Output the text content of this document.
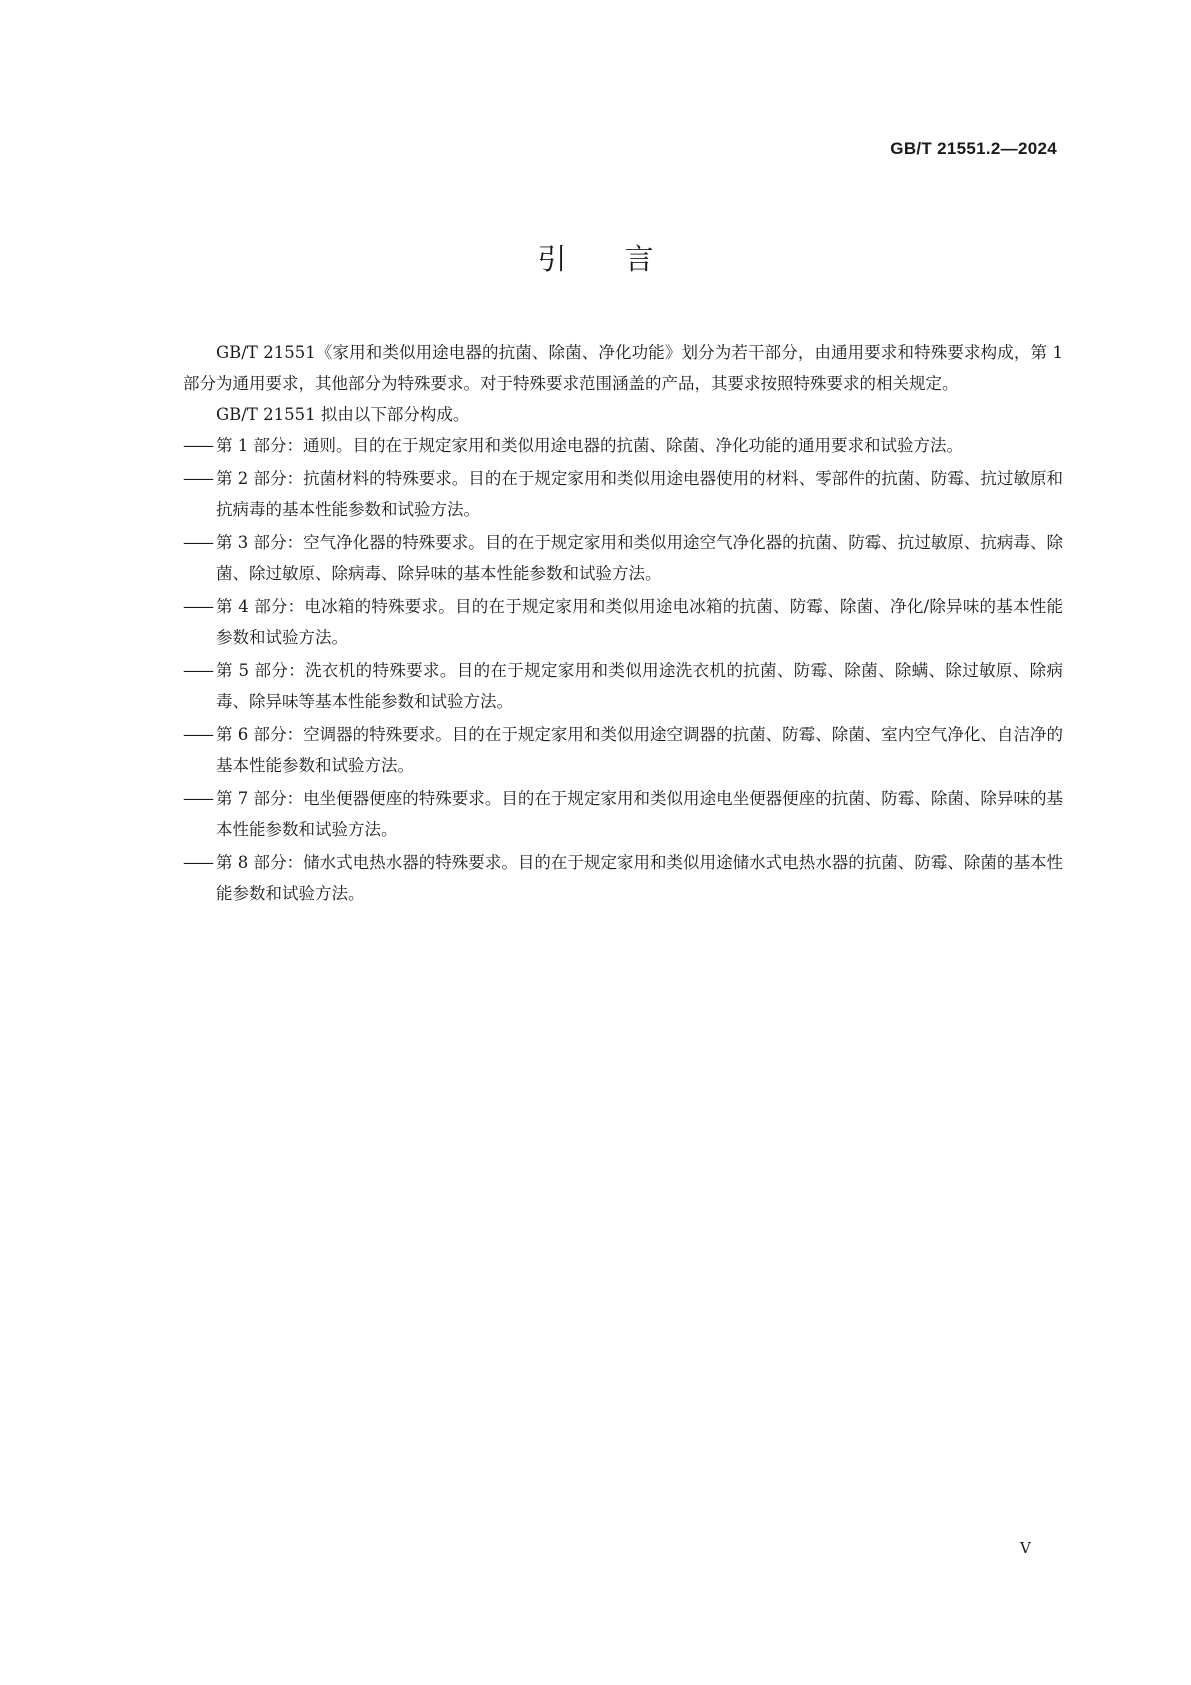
GB/T 21551.2—2024
引言

GB/T 21551《家用和类似用途电器的抗菌、除菌、净化功能》划分为若干部分，由通用要求和特殊要求构成，第 1 部分为通用要求，其他部分为特殊要求。对于特殊要求范围涵盖的产品，其要求按照特殊要求的相关规定。

GB/T 21551 拟由以下部分构成。

—— 第 1 部分：通则。目的在于规定家用和类似用途电器的抗菌、除菌、净化功能的通用要求和试验方法。
—— 第 2 部分：抗菌材料的特殊要求。目的在于规定家用和类似用途电器使用的材料、零部件的抗菌、防霉、抗过敏原和抗病毒的基本性能参数和试验方法。
—— 第 3 部分：空气净化器的特殊要求。目的在于规定家用和类似用途空气净化器的抗菌、防霉、抗过敏原、抗病毒、除菌、除过敏原、除病毒、除异味的基本性能参数和试验方法。
—— 第 4 部分：电冰箱的特殊要求。目的在于规定家用和类似用途电冰箱的抗菌、防霉、除菌、净化/除异味的基本性能参数和试验方法。
—— 第 5 部分：洗衣机的特殊要求。目的在于规定家用和类似用途洗衣机的抗菌、防霉、除菌、除螨、除过敏原、除病毒、除异味等基本性能参数和试验方法。
—— 第 6 部分：空调器的特殊要求。目的在于规定家用和类似用途空调器的抗菌、防霉、除菌、室内空气净化、自洁净的基本性能参数和试验方法。
—— 第 7 部分：电坐便器便座的特殊要求。目的在于规定家用和类似用途电坐便器便座的抗菌、防霉、除菌、除异味的基本性能参数和试验方法。
—— 第 8 部分：储水式电热水器的特殊要求。目的在于规定家用和类似用途储水式电热水器的抗菌、防霉、除菌的基本性能参数和试验方法。
V
